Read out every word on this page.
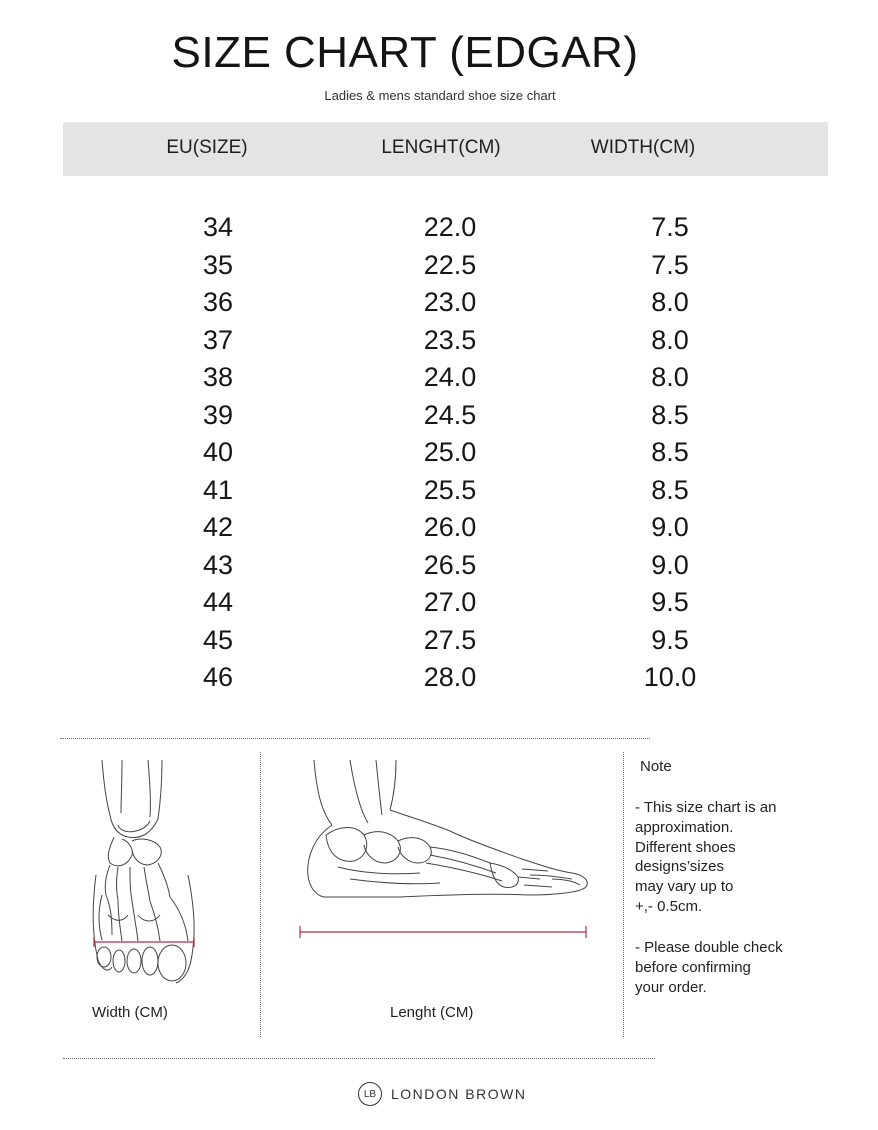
SIZE CHART (EDGAR)
Ladies & mens standard shoe size chart
EU(SIZE)	LENGHT(CM)	WIDTH(CM)
34	22.0	7.5
35	22.5	7.5
36	23.0	8.0
37	23.5	8.0
38	24.0	8.0
39	24.5	8.5
40	25.0	8.5
41	25.5	8.5
42	26.0	9.0
43	26.5	9.0
44	27.0	9.5
45	27.5	9.5
46	28.0	10.0
Width (CM)	Lenght (CM)
Note
- This size chart is an
approximation.
Different shoes
designs’sizes
may vary up to
+,- 0.5cm.
- Please double check
before confirming
your order.
LB	LONDON BROWN
